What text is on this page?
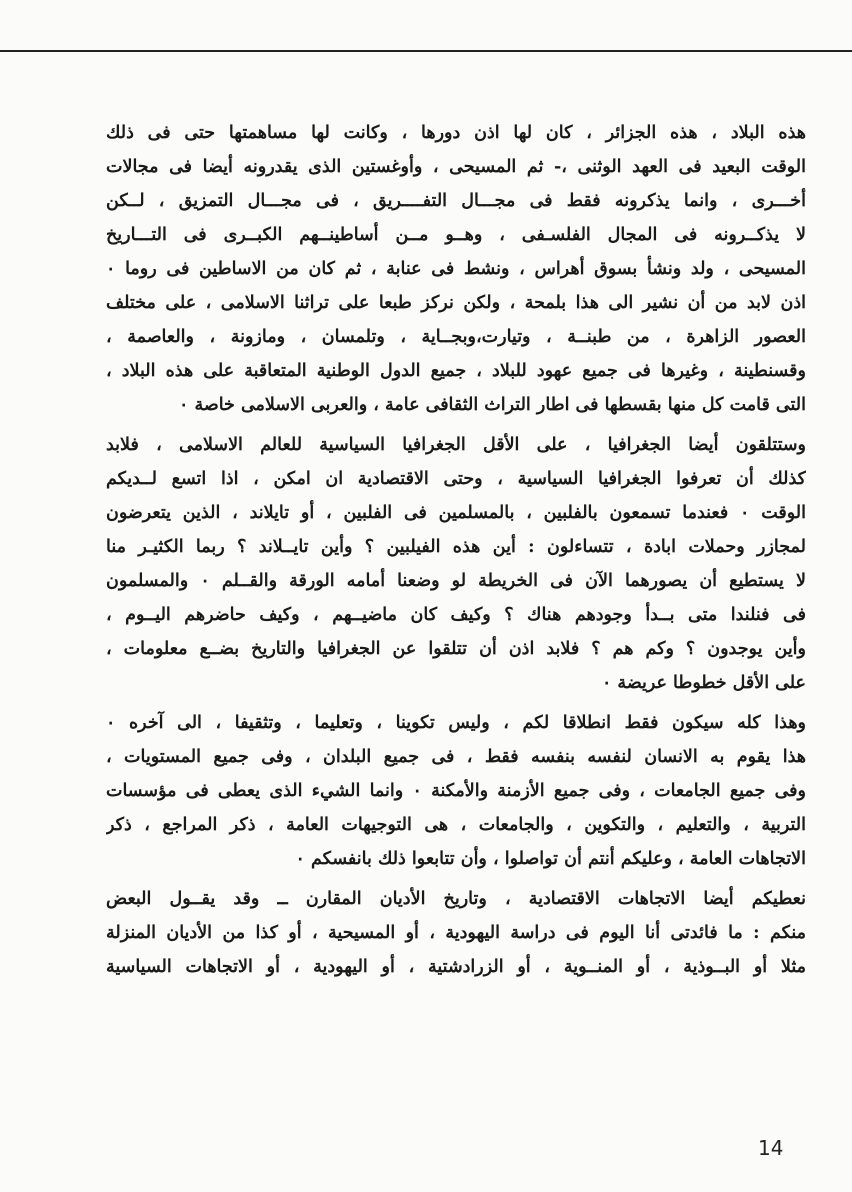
هذه البلاد ، هذه الجزائر ، كان لها اذن دورها ، وكانت لها مساهمتها حتى فى ذلك
الوقت البعيد فى العهد الوثنى ،- ثم المسيحى ، وأوغستين الذى يقدرونه أيضا فى مجالات
أخـــرى ، وانما يذكرونه فقط فى مجـــال التفــــريق ، فى مجـــال التمزيق ، لــكن
لا يذكــرونه فى المجال الفلسـفى ، وهــو مــن أساطينــهم الكبــرى فى التـــاريخ
المسيحى ، ولد ونشأ بسوق أهراس ، ونشط فى عنابة ، ثم كان من الاساطين فى روما ٠
اذن لابد من أن نشير الى هذا بلمحة ، ولكن نركز طبعا على تراثنا الاسلامى ، على مختلف
العصور الزاهرة ، من طبنــة ، وتيارت،وبجــاية ، وتلمسان ، ومازونة ، والعاصمة ،
وقسنطينة ، وغيرها فى جميع عهود للبلاد ، جميع الدول الوطنية المتعاقبة على هذه البلاد ،
التى قامت كل منها بقسطها فى اطار التراث الثقافى عامة ، والعربى الاسلامى خاصة ٠

وستتلقون أيضا الجغرافيا ، على الأقل الجغرافيا السياسية للعالم الاسلامى ، فلابد
كذلك أن تعرفوا الجغرافيا السياسية ، وحتى الاقتصادية ان امكن ، اذا اتسع لــديكم
الوقت ٠ فعندما تسمعون بالفلبين ، بالمسلمين فى الفلبين ، أو تايلاند ، الذين يتعرضون
لمجازر وحملات ابادة ، تتساءلون : أين هذه الفيلبين ؟ وأين تايــلاند ؟ ربما الكثيـر منا
لا يستطيع أن يصورهما الآن فى الخريطة لو وضعنا أمامه الورقة والقــلم ٠ والمسلمون
فى فنلندا متى بــدأ وجودهم هناك ؟ وكيف كان ماضيــهم ، وكيف حاضرهم اليــوم ،
وأين يوجدون ؟ وكم هم ؟ فلابد اذن أن تتلقوا عن الجغرافيا والتاريخ بضــع معلومات ،
على الأقل خطوطا عريضة ٠

وهذا كله سيكون فقط انطلاقا لكم ، وليس تكوينا ، وتعليما ، وتثقيفا ، الى آخره ٠
هذا يقوم به الانسان لنفسه بنفسه فقط ، فى جميع البلدان ، وفى جميع المستويات ،
وفى جميع الجامعات ، وفى جميع الأزمنة والأمكنة ٠ وانما الشيء الذى يعطى فى مؤسسات
التربية ، والتعليم ، والتكوين ، والجامعات ، هى التوجيهات العامة ، ذكر المراجع ، ذكر
الاتجاهات العامة ، وعليكم أنتم أن تواصلوا ، وأن تتابعوا ذلك بانفسكم ٠

نعطيكم أيضا الاتجاهات الاقتصادية ، وتاريخ الأديان المقارن ــ وقد يقــول البعض
منكم : ما فائدتى أنا اليوم فى دراسة اليهودية ، أو المسيحية ، أو كذا من الأديان المنزلة
مثلا أو البــوذية ، أو المنــوية ، أو الزرادشتية ، أو اليهودية ، أو الاتجاهات السياسية

14
